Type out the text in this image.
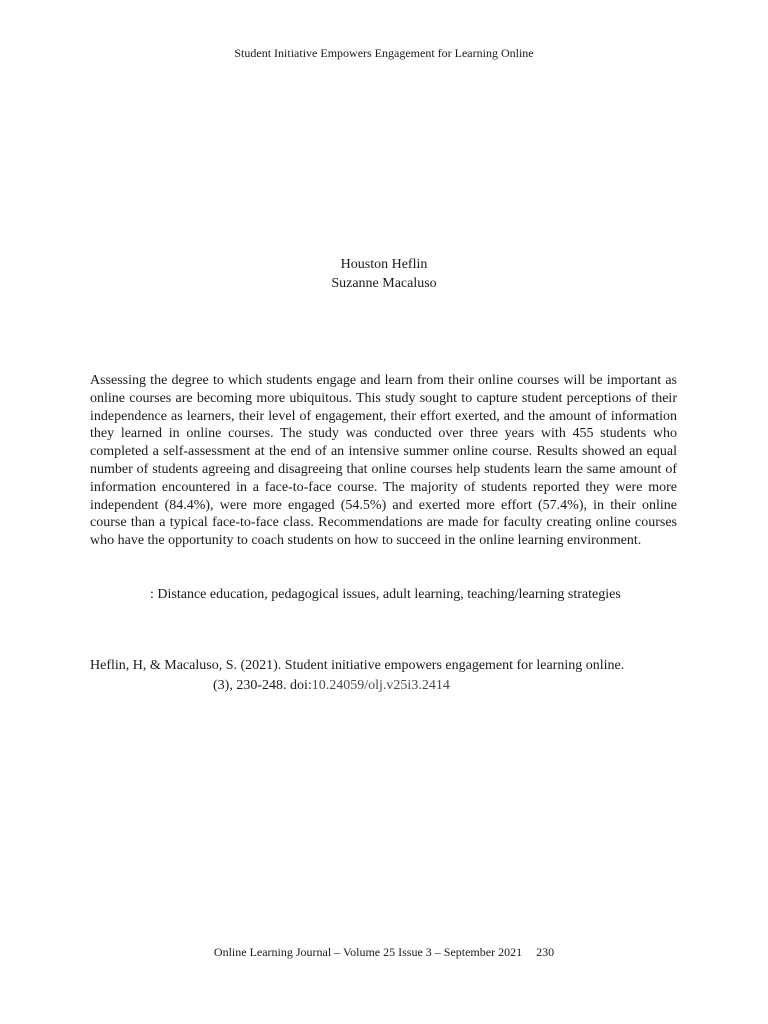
Student Initiative Empowers Engagement for Learning Online
Houston Heflin
Suzanne Macaluso

Assessing the degree to which students engage and learn from their online courses will be important as online courses are becoming more ubiquitous. This study sought to capture student perceptions of their independence as learners, their level of engagement, their effort exerted, and the amount of information they learned in online courses. The study was conducted over three years with 455 students who completed a self-assessment at the end of an intensive summer online course. Results showed an equal number of students agreeing and disagreeing that online courses help students learn the same amount of information encountered in a face-to-face course. The majority of students reported they were more independent (84.4%), were more engaged (54.5%) and exerted more effort (57.4%), in their online course than a typical face-to-face class. Recommendations are made for faculty creating online courses who have the opportunity to coach students on how to succeed in the online learning environment.

: Distance education, pedagogical issues, adult learning, teaching/learning strategies
Heflin, H, & Macaluso, S. (2021). Student initiative empowers engagement for learning online.
(3), 230-248. doi:10.24059/olj.v25i3.2414
Online Learning Journal – Volume 25 Issue 3 – September 2021 230
